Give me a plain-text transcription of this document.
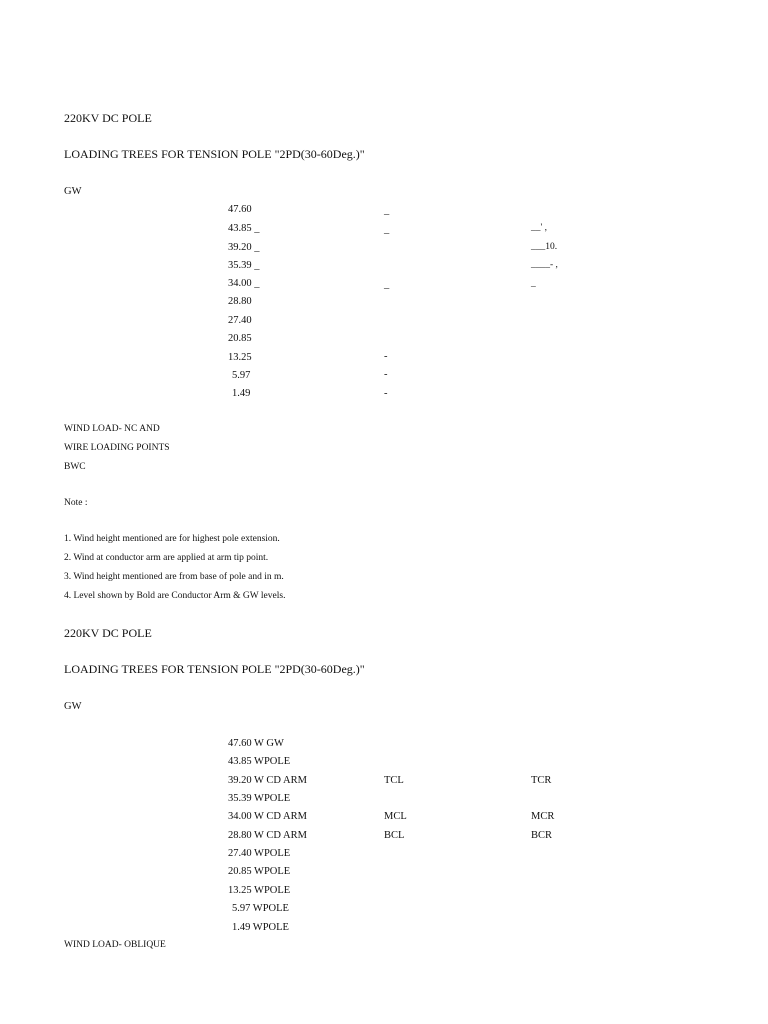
220KV DC POLE
LOADING TREES FOR TENSION POLE "2PD(30-60Deg.)"
GW
47.60
43.85 _
39.20 _
35.39 _
34.00 _
28.80
27.40
20.85
13.25
5.97
1.49
_
_
_
-
-
-
__' ,
___10.
____- ,
_
WIND LOAD- NC AND
WIRE LOADING POINTS
BWC
Note :
1. Wind height mentioned are for highest pole extension.
2. Wind at conductor arm are applied at arm tip point.
3. Wind height mentioned are from base of pole and in m.
4. Level shown by Bold are Conductor Arm & GW levels.
220KV DC POLE
LOADING TREES FOR TENSION POLE "2PD(30-60Deg.)"
GW
47.60 W GW
43.85 WPOLE
39.20 W CD ARM
35.39 WPOLE
34.00 W CD ARM
28.80 W CD ARM
27.40 WPOLE
20.85 WPOLE
13.25 WPOLE
5.97 WPOLE
1.49 WPOLE
TCL
MCL
BCL
TCR
MCR
BCR
WIND LOAD- OBLIQUE
